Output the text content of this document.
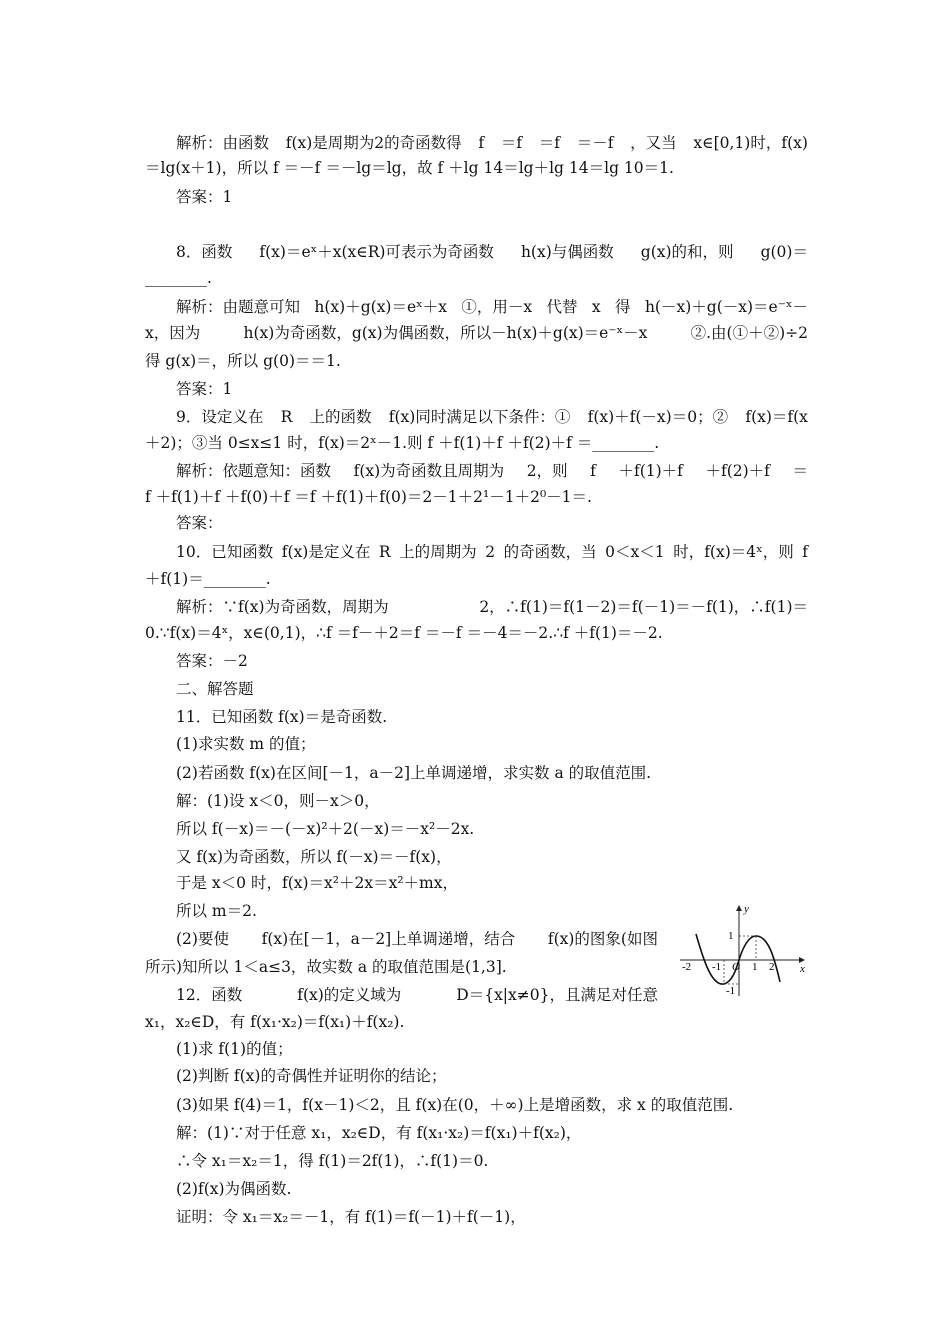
解析：由函数 f(x)是周期为2的奇函数得 f ＝f ＝f ＝－f ，又当 x∈[0,1)时，f(x)
＝lg(x＋1)，所以 f ＝－f ＝－lg＝lg，故 f ＋lg 14＝lg＋lg 14＝lg 10＝1.
答案：1
8．函数 f(x)＝eˣ＋x(x∈R)可表示为奇函数 h(x)与偶函数 g(x)的和，则 g(0)＝
________.
解析：由题意可知 h(x)＋g(x)＝eˣ＋x ①，用－x 代替 x 得 h(－x)＋g(－x)＝e⁻ˣ－
x，因为	h(x)为奇函数，g(x)为偶函数，所以－h(x)＋g(x)＝e⁻ˣ－x	②.由(①＋②)÷2
得 g(x)＝，所以 g(0)＝＝1.
答案：1
9．设定义在 R 上的函数 f(x)同时满足以下条件：① f(x)＋f(－x)＝0；② f(x)＝f(x
＋2)；③当 0≤x≤1 时，f(x)＝2ˣ－1.则 f ＋f(1)＋f ＋f(2)＋f ＝________.
解析：依题意知：函数 f(x)为奇函数且周期为 2，则 f ＋f(1)＋f ＋f(2)＋f ＝
f ＋f(1)＋f ＋f(0)＋f ＝f ＋f(1)＋f(0)＝2－1＋2¹－1＋2⁰－1＝.
答案：
10．已知函数 f(x)是定义在 R 上的周期为 2 的奇函数，当 0＜x＜1 时，f(x)＝4ˣ，则 f
＋f(1)＝________.
解析：∵f(x)为奇函数，周期为	2，∴f(1)＝f(1－2)＝f(－1)＝－f(1)，∴f(1)＝
0.∵f(x)＝4ˣ，x∈(0,1)，∴f ＝f－＋2＝f ＝－f ＝－4＝－2.∴f ＋f(1)＝－2.
答案：－2
二、解答题
11．已知函数 f(x)＝是奇函数.
(1)求实数 m 的值；
(2)若函数 f(x)在区间[－1，a－2]上单调递增，求实数 a 的取值范围.
解：(1)设 x＜0，则－x＞0，
所以 f(－x)＝－(－x)²＋2(－x)＝－x²－2x.
又 f(x)为奇函数，所以 f(－x)＝－f(x)，
于是 x＜0 时，f(x)＝x²＋2x＝x²＋mx，
所以 m＝2.
(2)要使 f(x)在[－1，a－2]上单调递增，结合 f(x)的图象(如图
所示)知所以 1＜a≤3，故实数 a 的取值范围是(1,3].
12．函数	f(x)的定义域为	D＝{x|x≠0}，且满足对任意
x₁，x₂∈D，有 f(x₁·x₂)＝f(x₁)＋f(x₂).
(1)求 f(1)的值；
(2)判断 f(x)的奇偶性并证明你的结论；
(3)如果 f(4)＝1，f(x－1)＜2，且 f(x)在(0，＋∞)上是增函数，求 x 的取值范围.
解：(1)∵对于任意 x₁，x₂∈D，有 f(x₁·x₂)＝f(x₁)＋f(x₂)，
∴令 x₁＝x₂＝1，得 f(1)＝2f(1)，∴f(1)＝0.
(2)f(x)为偶函数.
证明：令 x₁＝x₂＝－1，有 f(1)＝f(－1)＋f(－1)，
y
x
O
-2 -1	1 2
1
-1
